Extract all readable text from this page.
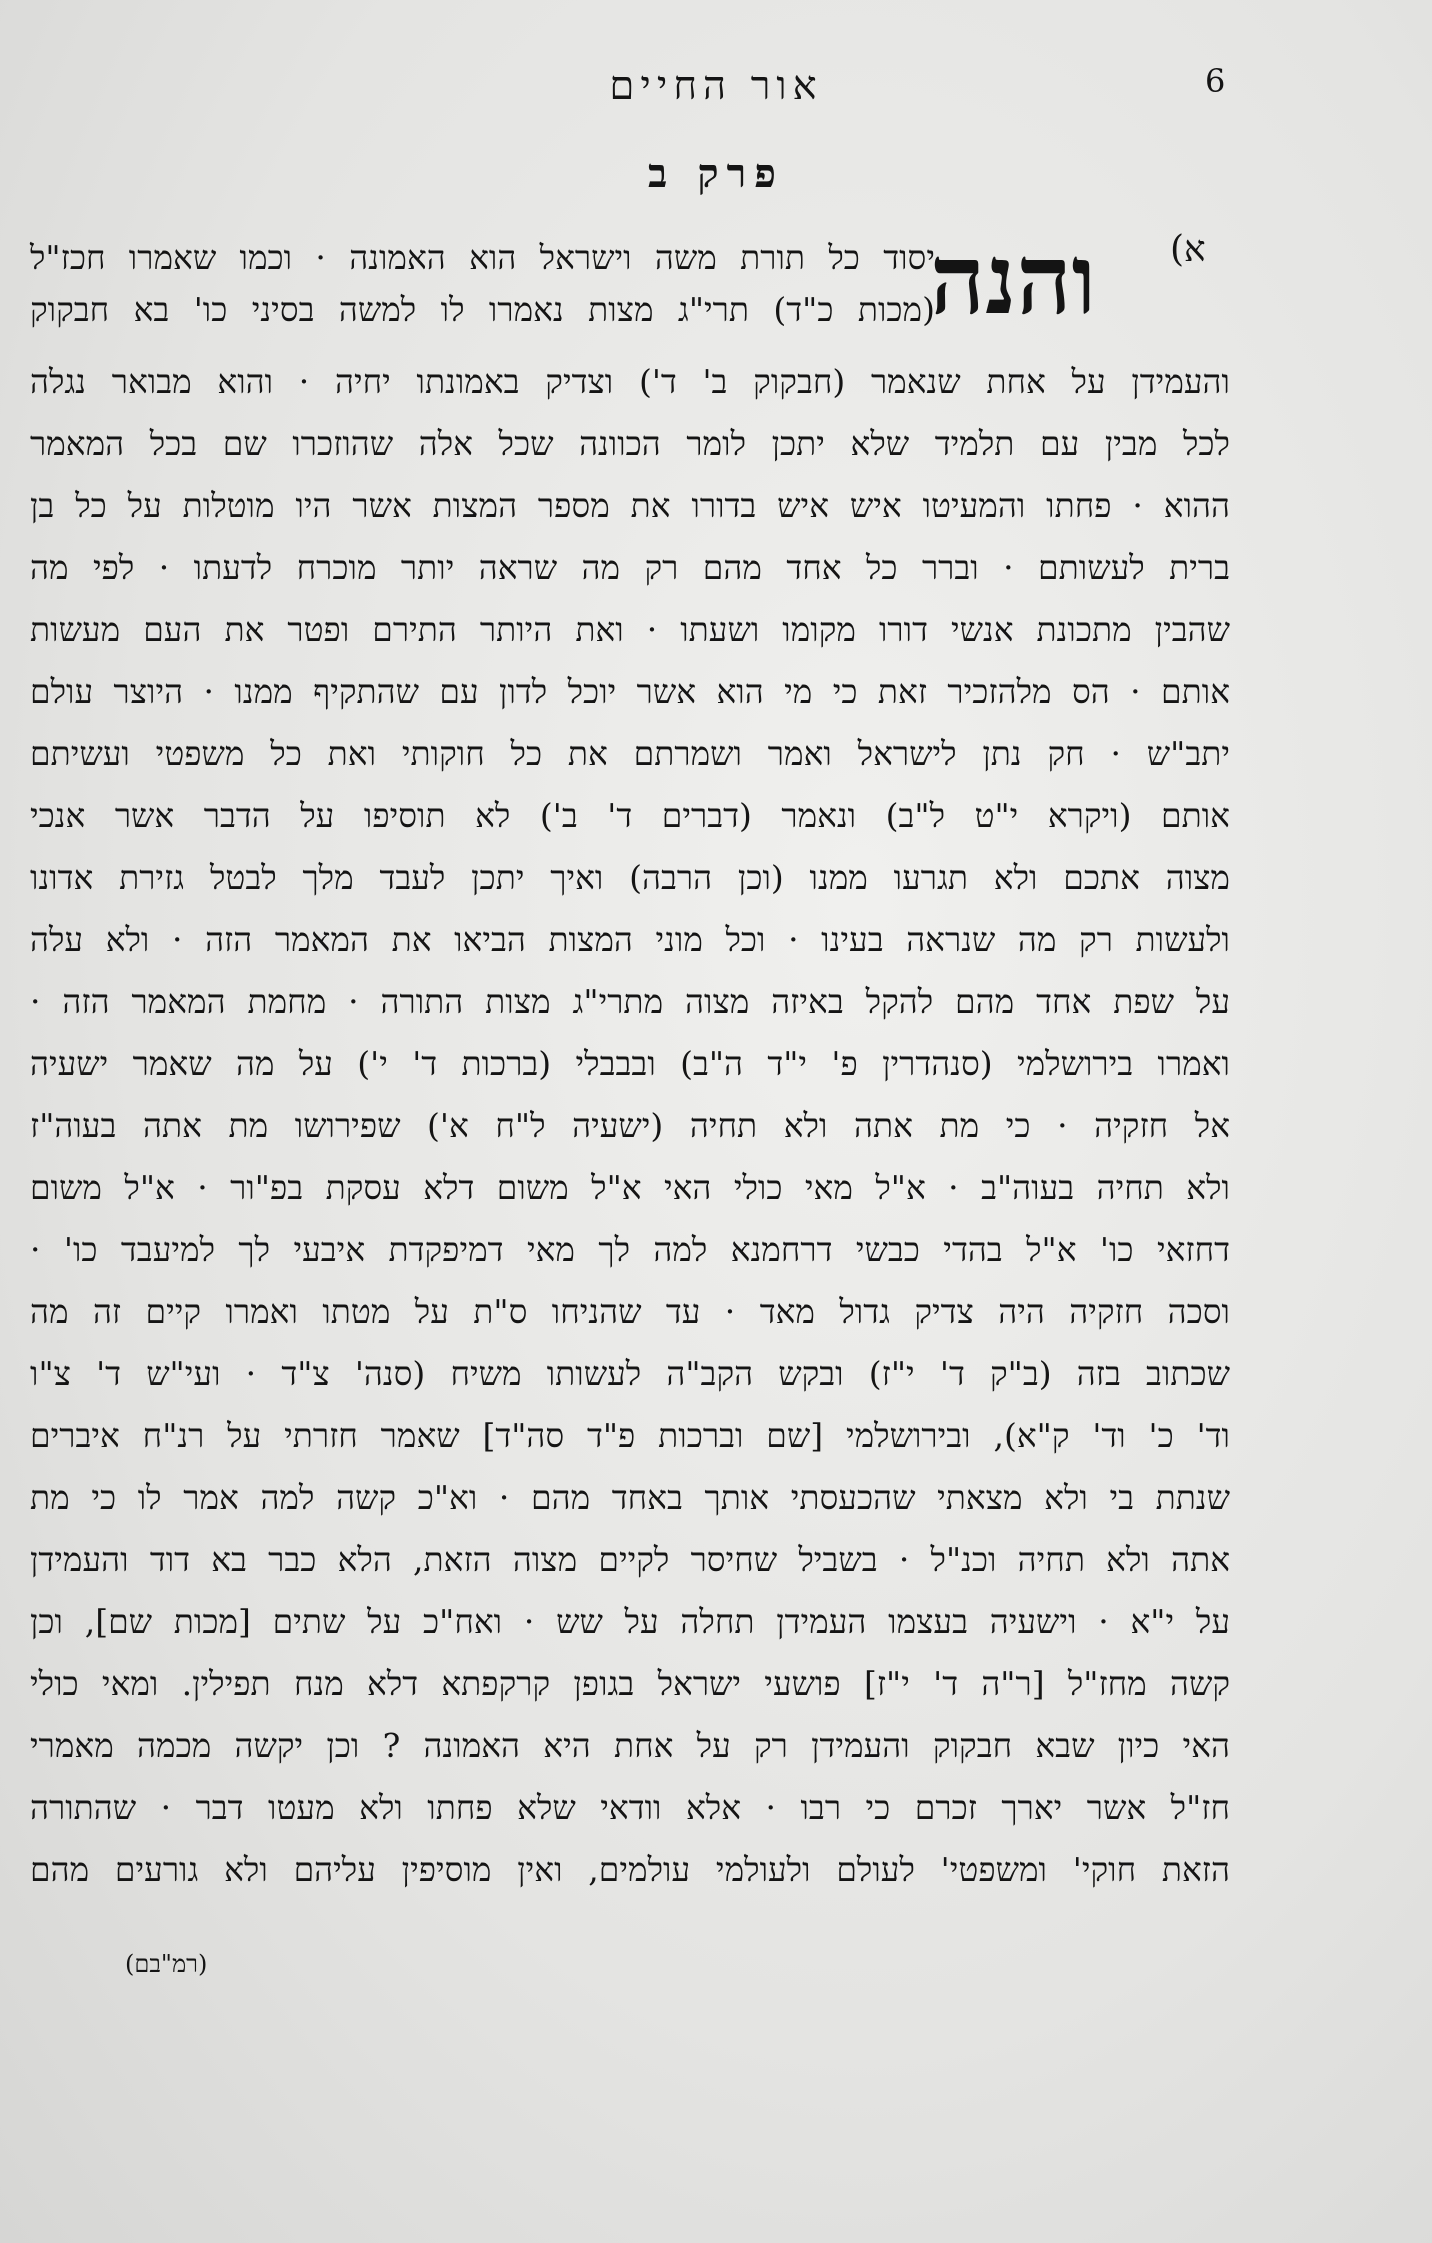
אור החיים	6
פרק ב
א)
והנה
יסוד כל תורת משה וישראל הוא האמונה · וכמו שאמרו חכז"ל
(מכות כ"ד) תרי"ג מצות נאמרו לו למשה בסיני כו' בא חבקוק
והעמידן על אחת שנאמר (חבקוק ב' ד') וצדיק באמונתו יחיה · והוא מבואר נגלה
לכל מבין עם תלמיד שלא יתכן לומר הכוונה שכל אלה שהוזכרו שם בכל המאמר
ההוא · פחתו והמעיטו איש איש בדורו את מספר המצות אשר היו מוטלות על כל בן
ברית לעשותם · וברר כל אחד מהם רק מה שראה יותר מוכרח לדעתו · לפי מה
שהבין מתכונת אנשי דורו מקומו ושעתו · ואת היותר התירם ופטר את העם מעשות
אותם · הס מלהזכיר זאת כי מי הוא אשר יוכל לדון עם שהתקיף ממנו · היוצר עולם
יתב"ש · חק נתן לישראל ואמר ושמרתם את כל חוקותי ואת כל משפטי ועשיתם
אותם (ויקרא י"ט ל"ב) ונאמר (דברים ד' ב') לא תוסיפו על הדבר אשר אנכי
מצוה אתכם ולא תגרעו ממנו (וכן הרבה) ואיך יתכן לעבד מלך לבטל גזירת אדונו
ולעשות רק מה שנראה בעינו · וכל מוני המצות הביאו את המאמר הזה · ולא עלה
על שפת אחד מהם להקל באיזה מצוה מתרי"ג מצות התורה · מחמת המאמר הזה ·
ואמרו בירושלמי (סנהדרין פ' י"ד ה"ב) ובבבלי (ברכות ד' י') על מה שאמר ישעיה
אל חזקיה · כי מת אתה ולא תחיה (ישעיה ל"ח א') שפירושו מת אתה בעוה"ז
ולא תחיה בעוה"ב · א"ל מאי כולי האי א"ל משום דלא עסקת בפ"ור · א"ל משום
דחזאי כו' א"ל בהדי כבשי דרחמנא למה לך מאי דמיפקדת איבעי לך למיעבד כו' ·
וסכה חזקיה היה צדיק גדול מאד · עד שהניחו ס"ת על מטתו ואמרו קיים זה מה
שכתוב בזה (ב"ק ד' י"ז) ובקש הקב"ה לעשותו משיח (סנה' צ"ד · ועי"ש ד' צ"ו
וד' כ' וד' ק"א), ובירושלמי [שם וברכות פ"ד סה"ד] שאמר חזרתי על רנ"ח איברים
שנתת בי ולא מצאתי שהכעסתי אותך באחד מהם · וא"כ קשה למה אמר לו כי מת
אתה ולא תחיה וכנ"ל · בשביל שחיסר לקיים מצוה הזאת, הלא כבר בא דוד והעמידן
על י"א · וישעיה בעצמו העמידן תחלה על שש · ואח"כ על שתים [מכות שם], וכן
קשה מחז"ל [ר"ה ד' י"ז] פושעי ישראל בגופן קרקפתא דלא מנח תפילין. ומאי כולי
האי כיון שבא חבקוק והעמידן רק על אחת היא האמונה ? וכן יקשה מכמה מאמרי
חז"ל אשר יארך זכרם כי רבו · אלא וודאי שלא פחתו ולא מעטו דבר · שהתורה
הזאת חוקי' ומשפטי' לעולם ולעולמי עולמים, ואין מוסיפין עליהם ולא גורעים מהם
(רמ"בם)
